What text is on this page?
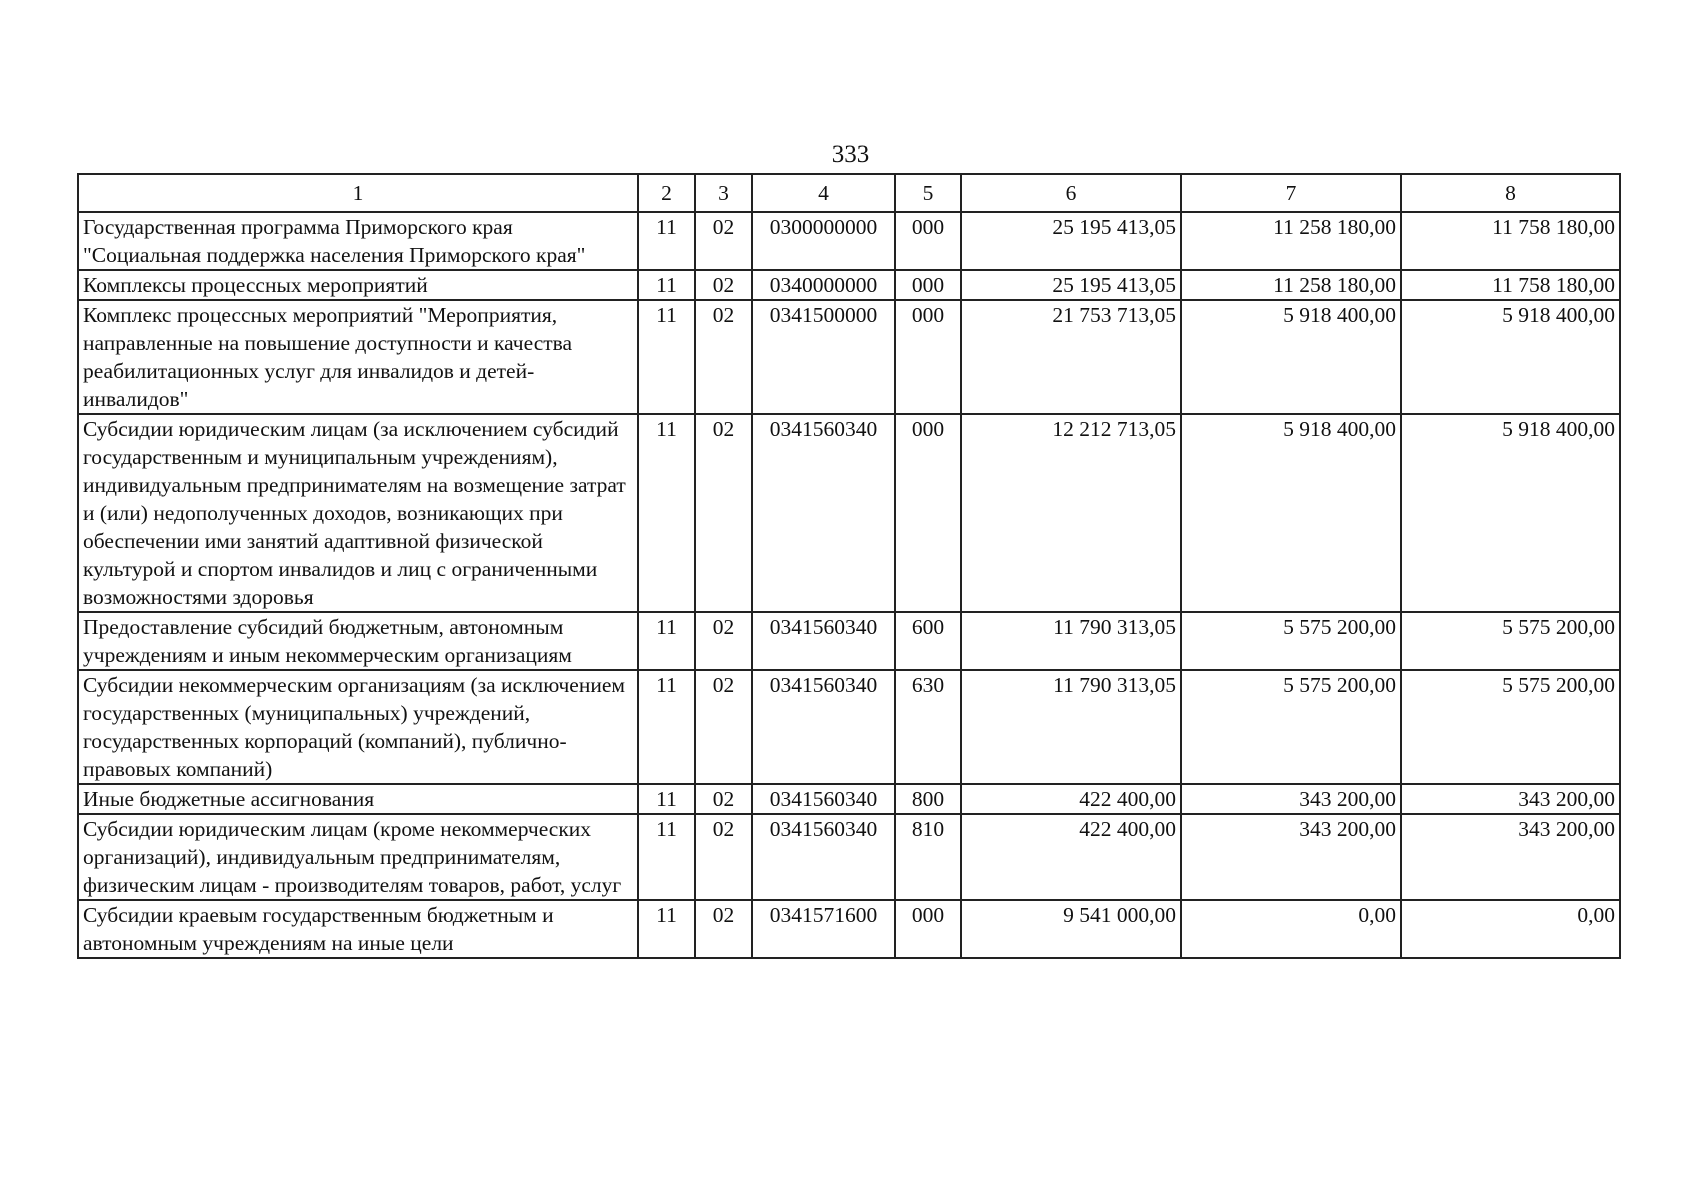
333
1	2	3	4	5	6	7	8
Государственная программа Приморского края "Социальная поддержка населения Приморского края"	11	02	0300000000	000	25 195 413,05	11 258 180,00	11 758 180,00
Комплексы процессных мероприятий	11	02	0340000000	000	25 195 413,05	11 258 180,00	11 758 180,00
Комплекс процессных мероприятий "Мероприятия, направленные на повышение доступности и качества реабилитационных услуг для инвалидов и детей-инвалидов"	11	02	0341500000	000	21 753 713,05	5 918 400,00	5 918 400,00
Субсидии юридическим лицам (за исключением субсидий государственным и муниципальным учреждениям), индивидуальным предпринимателям на возмещение затрат и (или) недополученных доходов, возникающих при обеспечении ими занятий адаптивной физической культурой и спортом инвалидов и лиц с ограниченными возможностями здоровья	11	02	0341560340	000	12 212 713,05	5 918 400,00	5 918 400,00
Предоставление субсидий бюджетным, автономным учреждениям и иным некоммерческим организациям	11	02	0341560340	600	11 790 313,05	5 575 200,00	5 575 200,00
Субсидии некоммерческим организациям (за исключением государственных (муниципальных) учреждений, государственных корпораций (компаний), публично-правовых компаний)	11	02	0341560340	630	11 790 313,05	5 575 200,00	5 575 200,00
Иные бюджетные ассигнования	11	02	0341560340	800	422 400,00	343 200,00	343 200,00
Субсидии юридическим лицам (кроме некоммерческих организаций), индивидуальным предпринимателям, физическим лицам - производителям товаров, работ, услуг	11	02	0341560340	810	422 400,00	343 200,00	343 200,00
Субсидии краевым государственным бюджетным и автономным учреждениям на иные цели	11	02	0341571600	000	9 541 000,00	0,00	0,00
